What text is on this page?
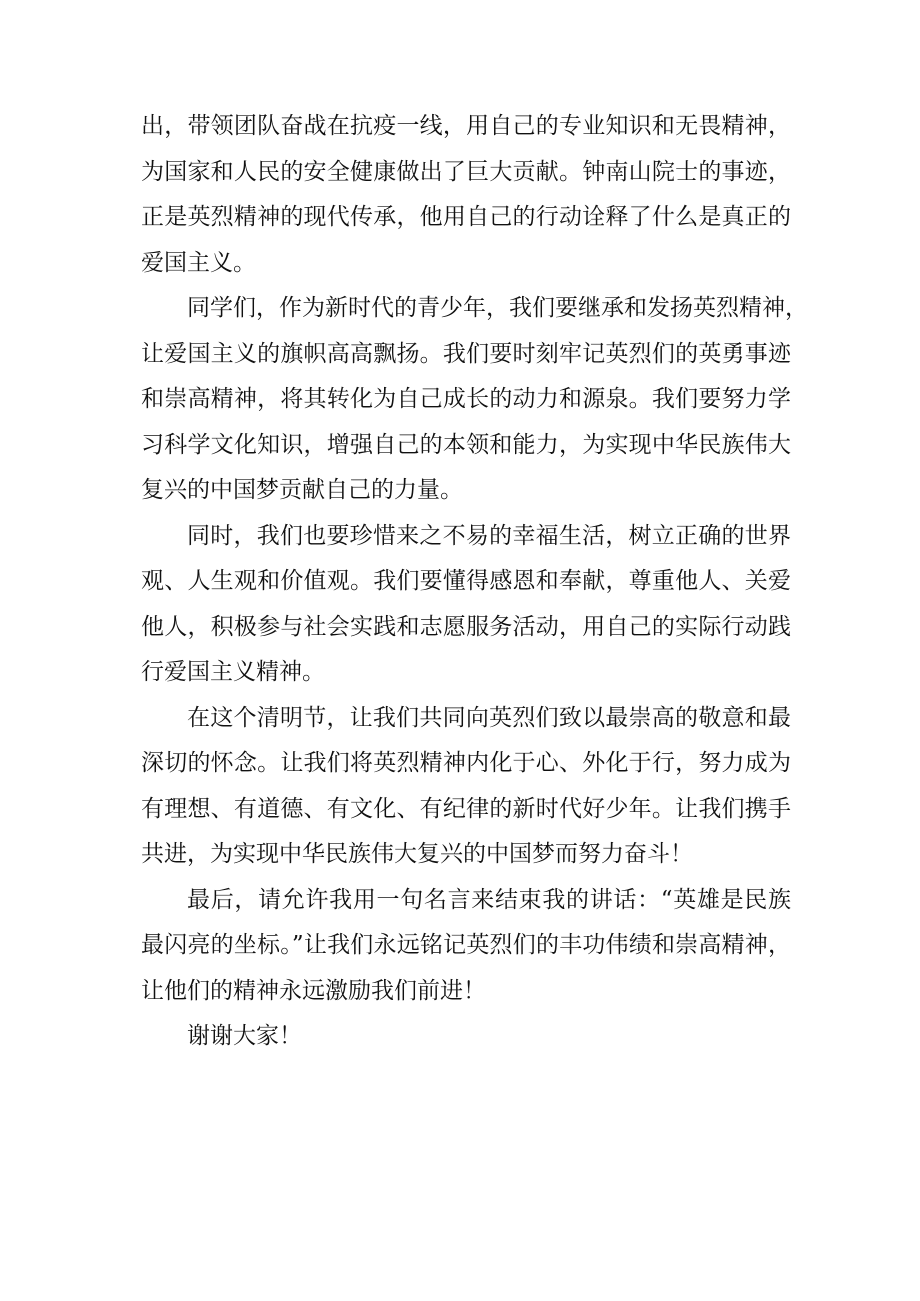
出，带领团队奋战在抗疫一线，用自己的专业知识和无畏精神，
为国家和人民的安全健康做出了巨大贡献。钟南山院士的事迹，
正是英烈精神的现代传承，他用自己的行动诠释了什么是真正的
爱国主义。
同学们，作为新时代的青少年，我们要继承和发扬英烈精神，
让爱国主义的旗帜高高飘扬。我们要时刻牢记英烈们的英勇事迹
和崇高精神，将其转化为自己成长的动力和源泉。我们要努力学
习科学文化知识，增强自己的本领和能力，为实现中华民族伟大
复兴的中国梦贡献自己的力量。
同时，我们也要珍惜来之不易的幸福生活，树立正确的世界
观、人生观和价值观。我们要懂得感恩和奉献，尊重他人、关爱
他人，积极参与社会实践和志愿服务活动，用自己的实际行动践
行爱国主义精神。
在这个清明节，让我们共同向英烈们致以最崇高的敬意和最
深切的怀念。让我们将英烈精神内化于心、外化于行，努力成为
有理想、有道德、有文化、有纪律的新时代好少年。让我们携手
共进，为实现中华民族伟大复兴的中国梦而努力奋斗！
最后，请允许我用一句名言来结束我的讲话：“英雄是民族
最闪亮的坐标。”让我们永远铭记英烈们的丰功伟绩和崇高精神，
让他们的精神永远激励我们前进！
谢谢大家！
